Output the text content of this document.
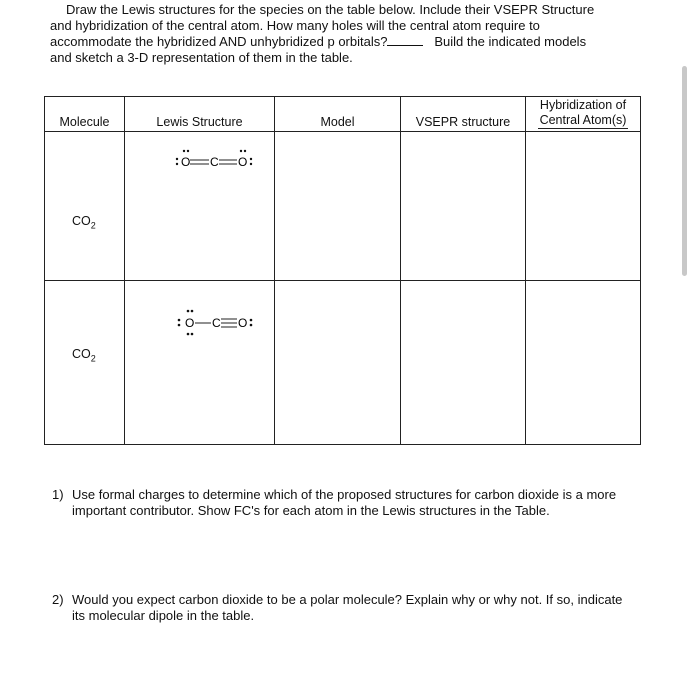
Draw the Lewis structures for the species on the table below. Include their VSEPR Structure
and hybridization of the central atom. How many holes will the central atom require to
accommodate the hybridized AND unhybridized p orbitals?	Build the indicated models
and sketch a 3-D representation of them in the table.
Molecule	Lewis Structure	Model	VSEPR structure	Hybridization of
Central Atom(s)

$CO_2$	O C O			

$CO_2$	O C O			

1) Use formal charges to determine which of the proposed structures for carbon dioxide is a more important contributor. Show FC's for each atom in the Lewis structures in the Table.
2) Would you expect carbon dioxide to be a polar molecule? Explain why or why not. If so, indicate its molecular dipole in the table.
